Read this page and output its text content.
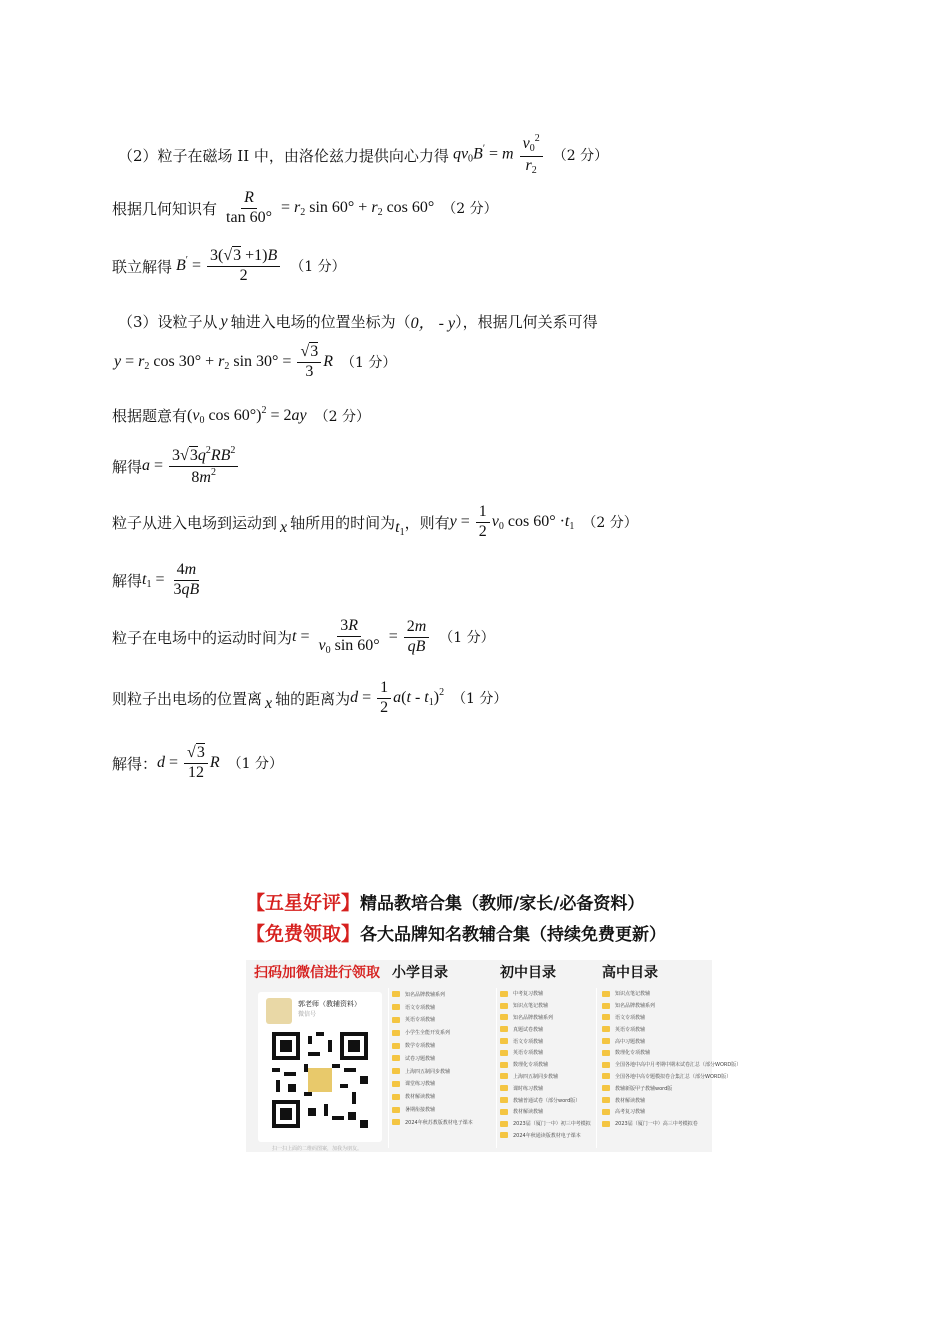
（2）粒子在磁场 II 中，由洛伦兹力提供向心力得 $qv_0B' = m \frac{v_0^2}{r_2} (2$ 分）
根据几何知识有 $\frac{R}{\tan 60^\circ} = r_2$ $\sin 60^\circ + r_2$ cos 60° （2 分）
联立解得 $B' = \frac{3(√3 +1)B}{2} (1$ 分）
（3）设粒子从 y 轴进入电场的位置坐标为（ 0， - y ），根据几何关系可得
$y = r_2$ $\cos 30^\circ + r_2$ $\sin 30^\circ = \frac{√3}{3}$ R （1 分）
根据题意有 ($v_0$ cos 60°)$^2$ = 2ay （2 分）
解得 $a = \frac{3√3q^2RB^2}{8m^2}$
粒子从进入电场到运动到 x 轴所用的时间为 $t_1$
，则有 $y = \frac{1}{2} v_0$ $\cos 60^\circ \cdot t_1$ （2 分）
解得 $t_1 = \frac{4m}{3qB}$
粒子在电场中的运动时间为 $t = \frac{3R}{v_0 \sin 60^\circ} = \frac{2m}{qB} (1$ 分）
则粒子出电场的位置离 x 轴的距离为 $d = \frac{1}{2} a(t - t_1)^2$ （1 分）
解得： $d = \frac{√3}{12}$ R （1 分）
【五星好评】精品教培合集（教师/家长/必备资料）
【免费领取】各大品牌知名教辅合集（持续免费更新）
扫码加微信进行领取
郭老师（教辅资料）
微信号
扫一扫上面的二维码图案，加我为朋友。
小学目录	初中目录	高中目录
知名品牌教辅系列
语文专项教辅
英语专项教辅
小学生全能开发系列
数学专项教辅
试卷习题教辅
上海四五制同步教辅
课堂练习教辅
教材解读教辅
暑期衔接教辅
2024年秋苏教版教材电子课本
中考复习教辅
知识点笔记教辅
知名品牌教辅系列
真题试卷教辅
语文专项教辅
英语专项教辅
数理化专项教辅
上海四五制同步教辅
课时练习教辅
教辅普通试卷（部分word版）
教材解读教辅
2023届（厦门一中）初三中考模拟
2024年秋通读版教材电子课本
知识点笔记教辅
知名品牌教辅系列
语文专项教辅
英语专项教辅
高中习题教辅
数理化专项教辅
全国各地中高中月考期中期末试卷汇总（部分WORD版）
全国各地中高专题模拟卷合集汇总（部分WORD版）
教辅新版甲子教辅word版
教材解读教辅
高考复习教辅
2023届（厦门一中）高三中考模拟卷
